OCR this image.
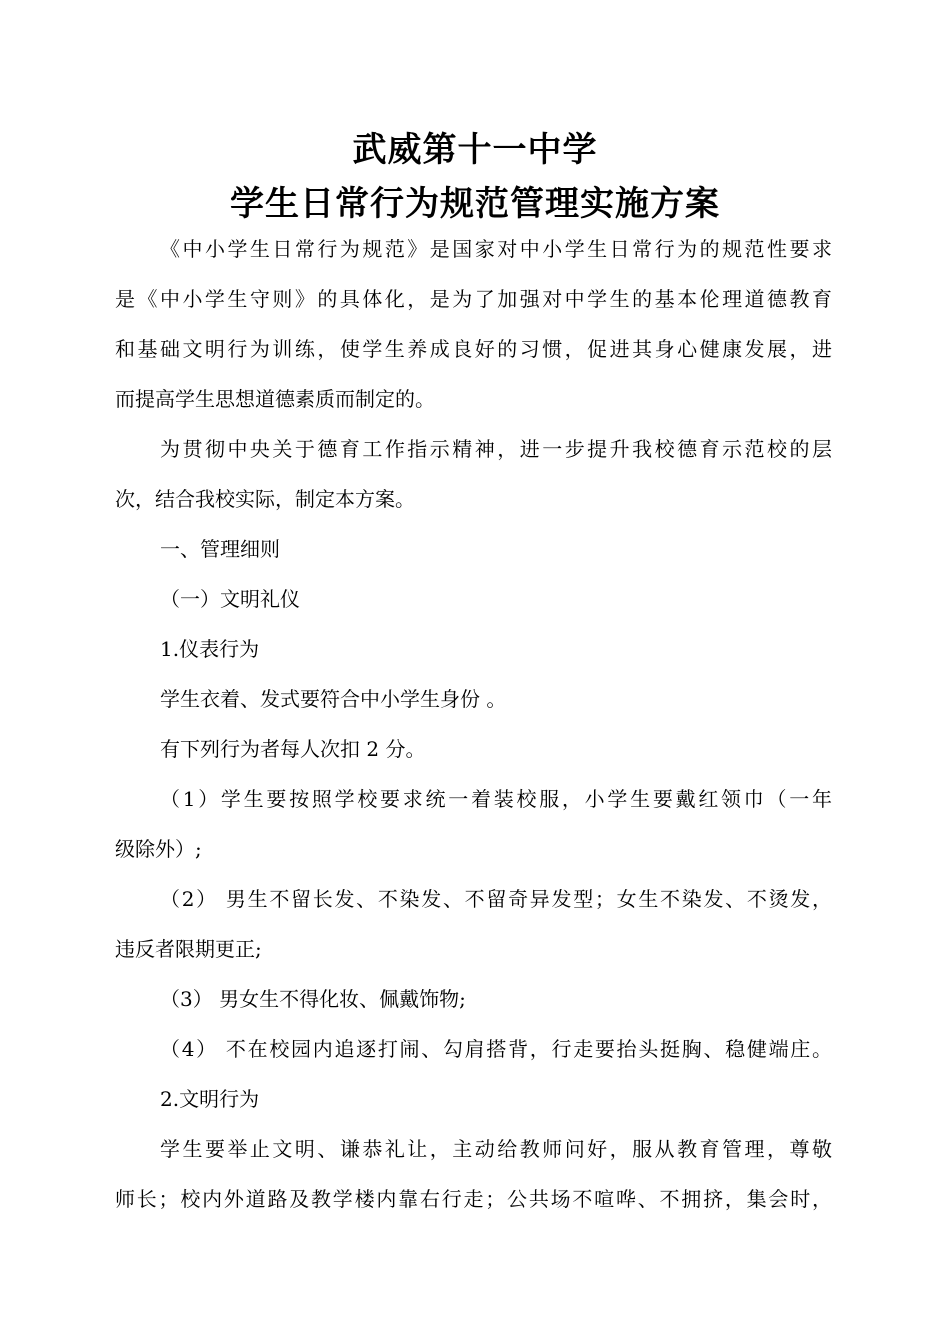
武威第十一中学
学生日常行为规范管理实施方案
《中小学生日常行为规范》是国家对中小学生日常行为的规范性要求
是《中小学生守则》的具体化，是为了加强对中学生的基本伦理道德教育
和基础文明行为训练，使学生养成良好的习惯，促进其身心健康发展，进
而提高学生思想道德素质而制定的。
为贯彻中央关于德育工作指示精神，进一步提升我校德育示范校的层
次，结合我校实际，制定本方案。
一、管理细则
（一）文明礼仪
1.仪表行为
学生衣着、发式要符合中小学生身份 。
有下列行为者每人次扣 2 分。
（1）学生要按照学校要求统一着装校服，小学生要戴红领巾（一年
级除外）;
（2） 男生不留长发、不染发、不留奇异发型；女生不染发、不烫发，
违反者限期更正;
（3） 男女生不得化妆、佩戴饰物;
（4） 不在校园内追逐打闹、勾肩搭背，行走要抬头挺胸、稳健端庄。
2.文明行为
学生要举止文明、谦恭礼让，主动给教师问好，服从教育管理，尊敬
师长；校内外道路及教学楼内靠右行走；公共场不喧哗、不拥挤，集会时，
